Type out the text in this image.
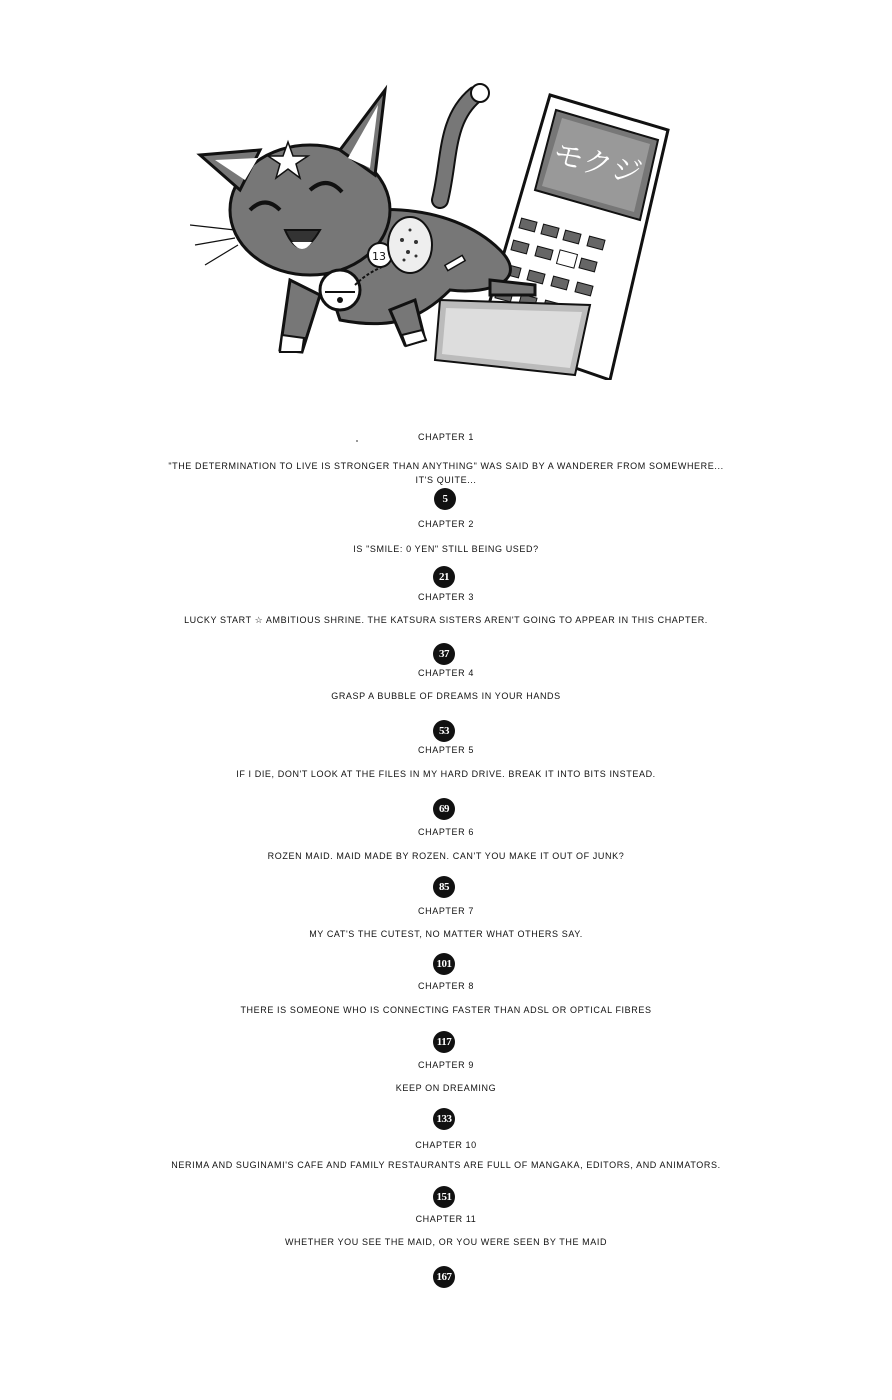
モクジ
13
CHAPTER 1
"THE DETERMINATION TO LIVE IS STRONGER THAN ANYTHING" WAS SAID BY A WANDERER FROM SOMEWHERE...
IT'S QUITE...
5
CHAPTER 2
IS "SMILE: 0 YEN" STILL BEING USED?
21
CHAPTER 3
LUCKY START ☆ AMBITIOUS SHRINE. THE KATSURA SISTERS AREN'T GOING TO APPEAR IN THIS CHAPTER.
37
CHAPTER 4
GRASP A BUBBLE OF DREAMS IN YOUR HANDS
53
CHAPTER 5
IF I DIE, DON'T LOOK AT THE FILES IN MY HARD DRIVE. BREAK IT INTO BITS INSTEAD.
69
CHAPTER 6
ROZEN MAID. MAID MADE BY ROZEN. CAN'T YOU MAKE IT OUT OF JUNK?
85
CHAPTER 7
MY CAT'S THE CUTEST, NO MATTER WHAT OTHERS SAY.
101
CHAPTER 8
THERE IS SOMEONE WHO IS CONNECTING FASTER THAN ADSL OR OPTICAL FIBRES
117
CHAPTER 9
KEEP ON DREAMING
133
CHAPTER 10
NERIMA AND SUGINAMI'S CAFE AND FAMILY RESTAURANTS ARE FULL OF MANGAKA, EDITORS, AND ANIMATORS.
151
CHAPTER 11
WHETHER YOU SEE THE MAID, OR YOU WERE SEEN BY THE MAID
167
